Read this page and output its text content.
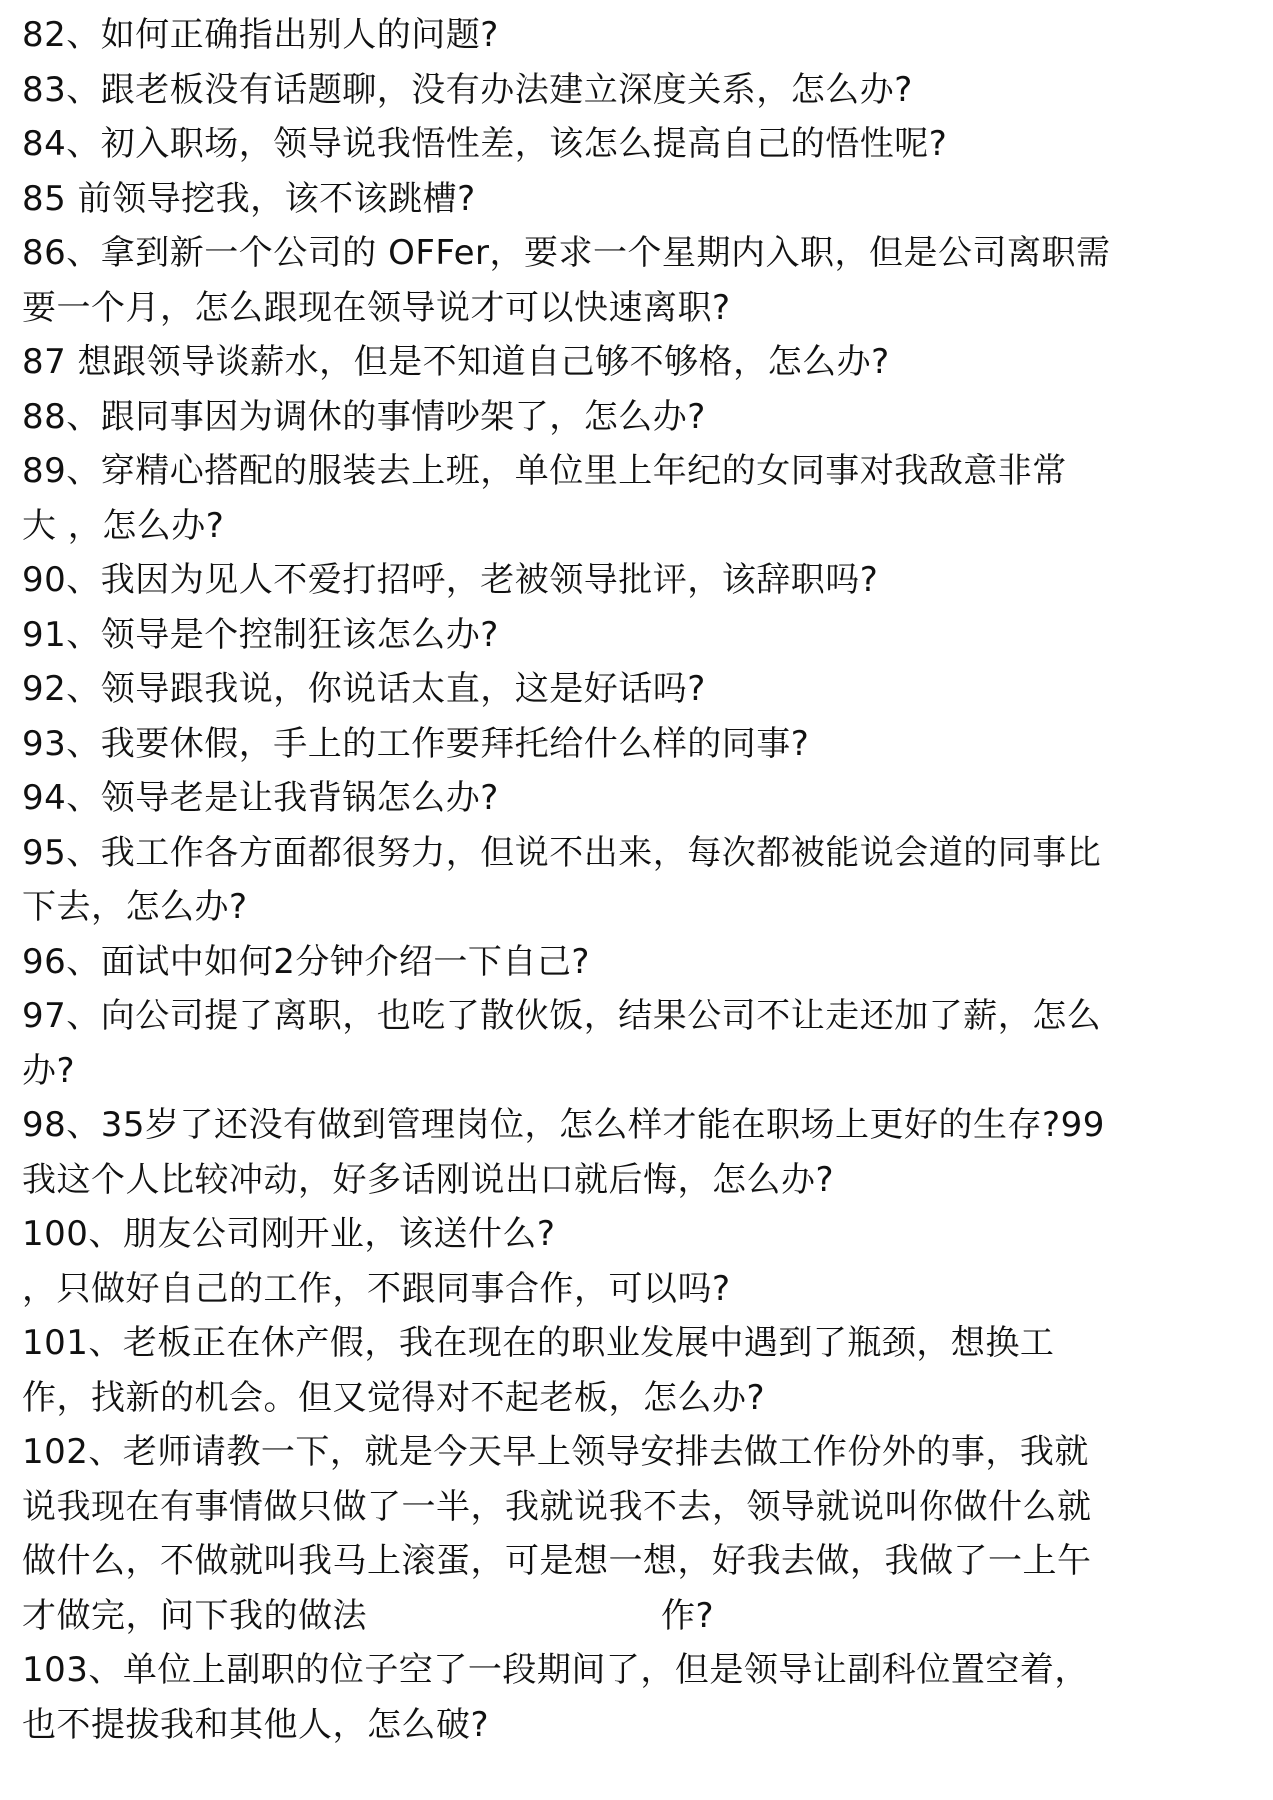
82、如何正确指出别人的问题?
83、跟老板没有话题聊，没有办法建立深度关系，怎么办?
84、初入职场，领导说我悟性差，该怎么提高自己的悟性呢?
85 前领导挖我，该不该跳槽?
86、拿到新一个公司的 OFFer，要求一个星期内入职，但是公司离职需
要一个月，怎么跟现在领导说才可以快速离职?
87 想跟领导谈薪水，但是不知道自己够不够格，怎么办?
88、跟同事因为调休的事情吵架了，怎么办?
89、穿精心搭配的服装去上班，单位里上年纪的女同事对我敌意非常
大 ，怎么办?
90、我因为见人不爱打招呼，老被领导批评，该辞职吗?
91、领导是个控制狂该怎么办?
92、领导跟我说，你说话太直，这是好话吗?
93、我要休假，手上的工作要拜托给什么样的同事?
94、领导老是让我背锅怎么办?
95、我工作各方面都很努力，但说不出来，每次都被能说会道的同事比
下去，怎么办?
96、面试中如何2分钟介绍一下自己?
97、向公司提了离职，也吃了散伙饭，结果公司不让走还加了薪，怎么
办?
98、35岁了还没有做到管理岗位，怎么样才能在职场上更好的生存?99
我这个人比较冲动，好多话刚说出口就后悔，怎么办?
100、朋友公司刚开业，该送什么?
，只做好自己的工作，不跟同事合作，可以吗?
101、老板正在休产假，我在现在的职业发展中遇到了瓶颈，想换工
作，找新的机会。但又觉得对不起老板，怎么办?
102、老师请教一下，就是今天早上领导安排去做工作份外的事，我就
说我现在有事情做只做了一半，我就说我不去，领导就说叫你做什么就
做什么，不做就叫我马上滚蛋，可是想一想，好我去做，我做了一上午
才做完，问下我的做法                          作?
103、单位上副职的位子空了一段期间了，但是领导让副科位置空着，
也不提拔我和其他人，怎么破?
